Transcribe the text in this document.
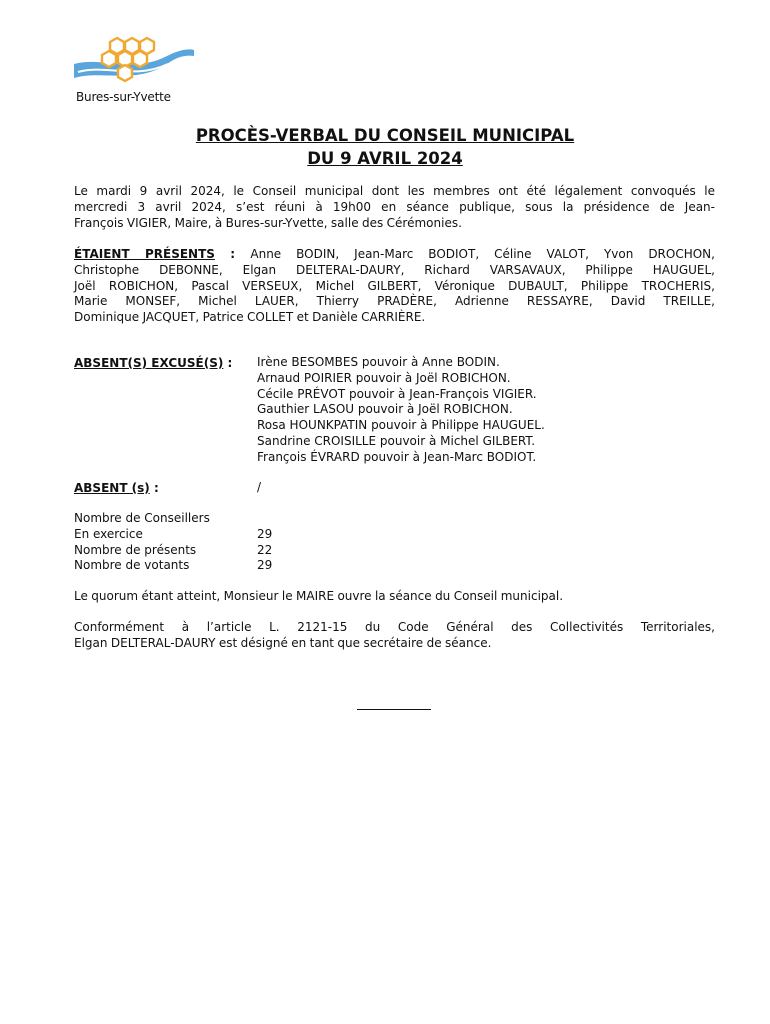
Bures-sur-Yvette
PROCÈS-VERBAL DU CONSEIL MUNICIPAL
DU 9 AVRIL 2024
Le mardi 9 avril 2024, le Conseil municipal dont les membres ont été légalement convoqués le
mercredi 3 avril 2024, s’est réuni à 19h00 en séance publique, sous la présidence de Jean-
François VIGIER, Maire, à Bures-sur-Yvette, salle des Cérémonies.
ÉTAIENT PRÉSENTS : Anne BODIN, Jean-Marc BODIOT, Céline VALOT, Yvon DROCHON,
Christophe DEBONNE, Elgan DELTERAL-DAURY, Richard VARSAVAUX, Philippe HAUGUEL,
Joël ROBICHON, Pascal VERSEUX, Michel GILBERT, Véronique DUBAULT, Philippe TROCHERIS,
Marie MONSEF, Michel LAUER, Thierry PRADÈRE, Adrienne RESSAYRE, David TREILLE,
Dominique JACQUET, Patrice COLLET et Danièle CARRIÈRE.
ABSENT(S) EXCUSÉ(S) : Irène BESOMBES pouvoir à Anne BODIN.
Arnaud POIRIER pouvoir à Joël ROBICHON.
Cécile PRÉVOT pouvoir à Jean-François VIGIER.
Gauthier LASOU pouvoir à Joël ROBICHON.
Rosa HOUNKPATIN pouvoir à Philippe HAUGUEL.
Sandrine CROISILLE pouvoir à Michel GILBERT.
François ÉVRARD pouvoir à Jean-Marc BODIOT.
ABSENT (s) :	/
Nombre de Conseillers
En exercice	29
Nombre de présents	22
Nombre de votants	29
Le quorum étant atteint, Monsieur le MAIRE ouvre la séance du Conseil municipal.
Conformément à l’article L. 2121-15 du Code Général des Collectivités Territoriales,
Elgan DELTERAL-DAURY est désigné en tant que secrétaire de séance.
